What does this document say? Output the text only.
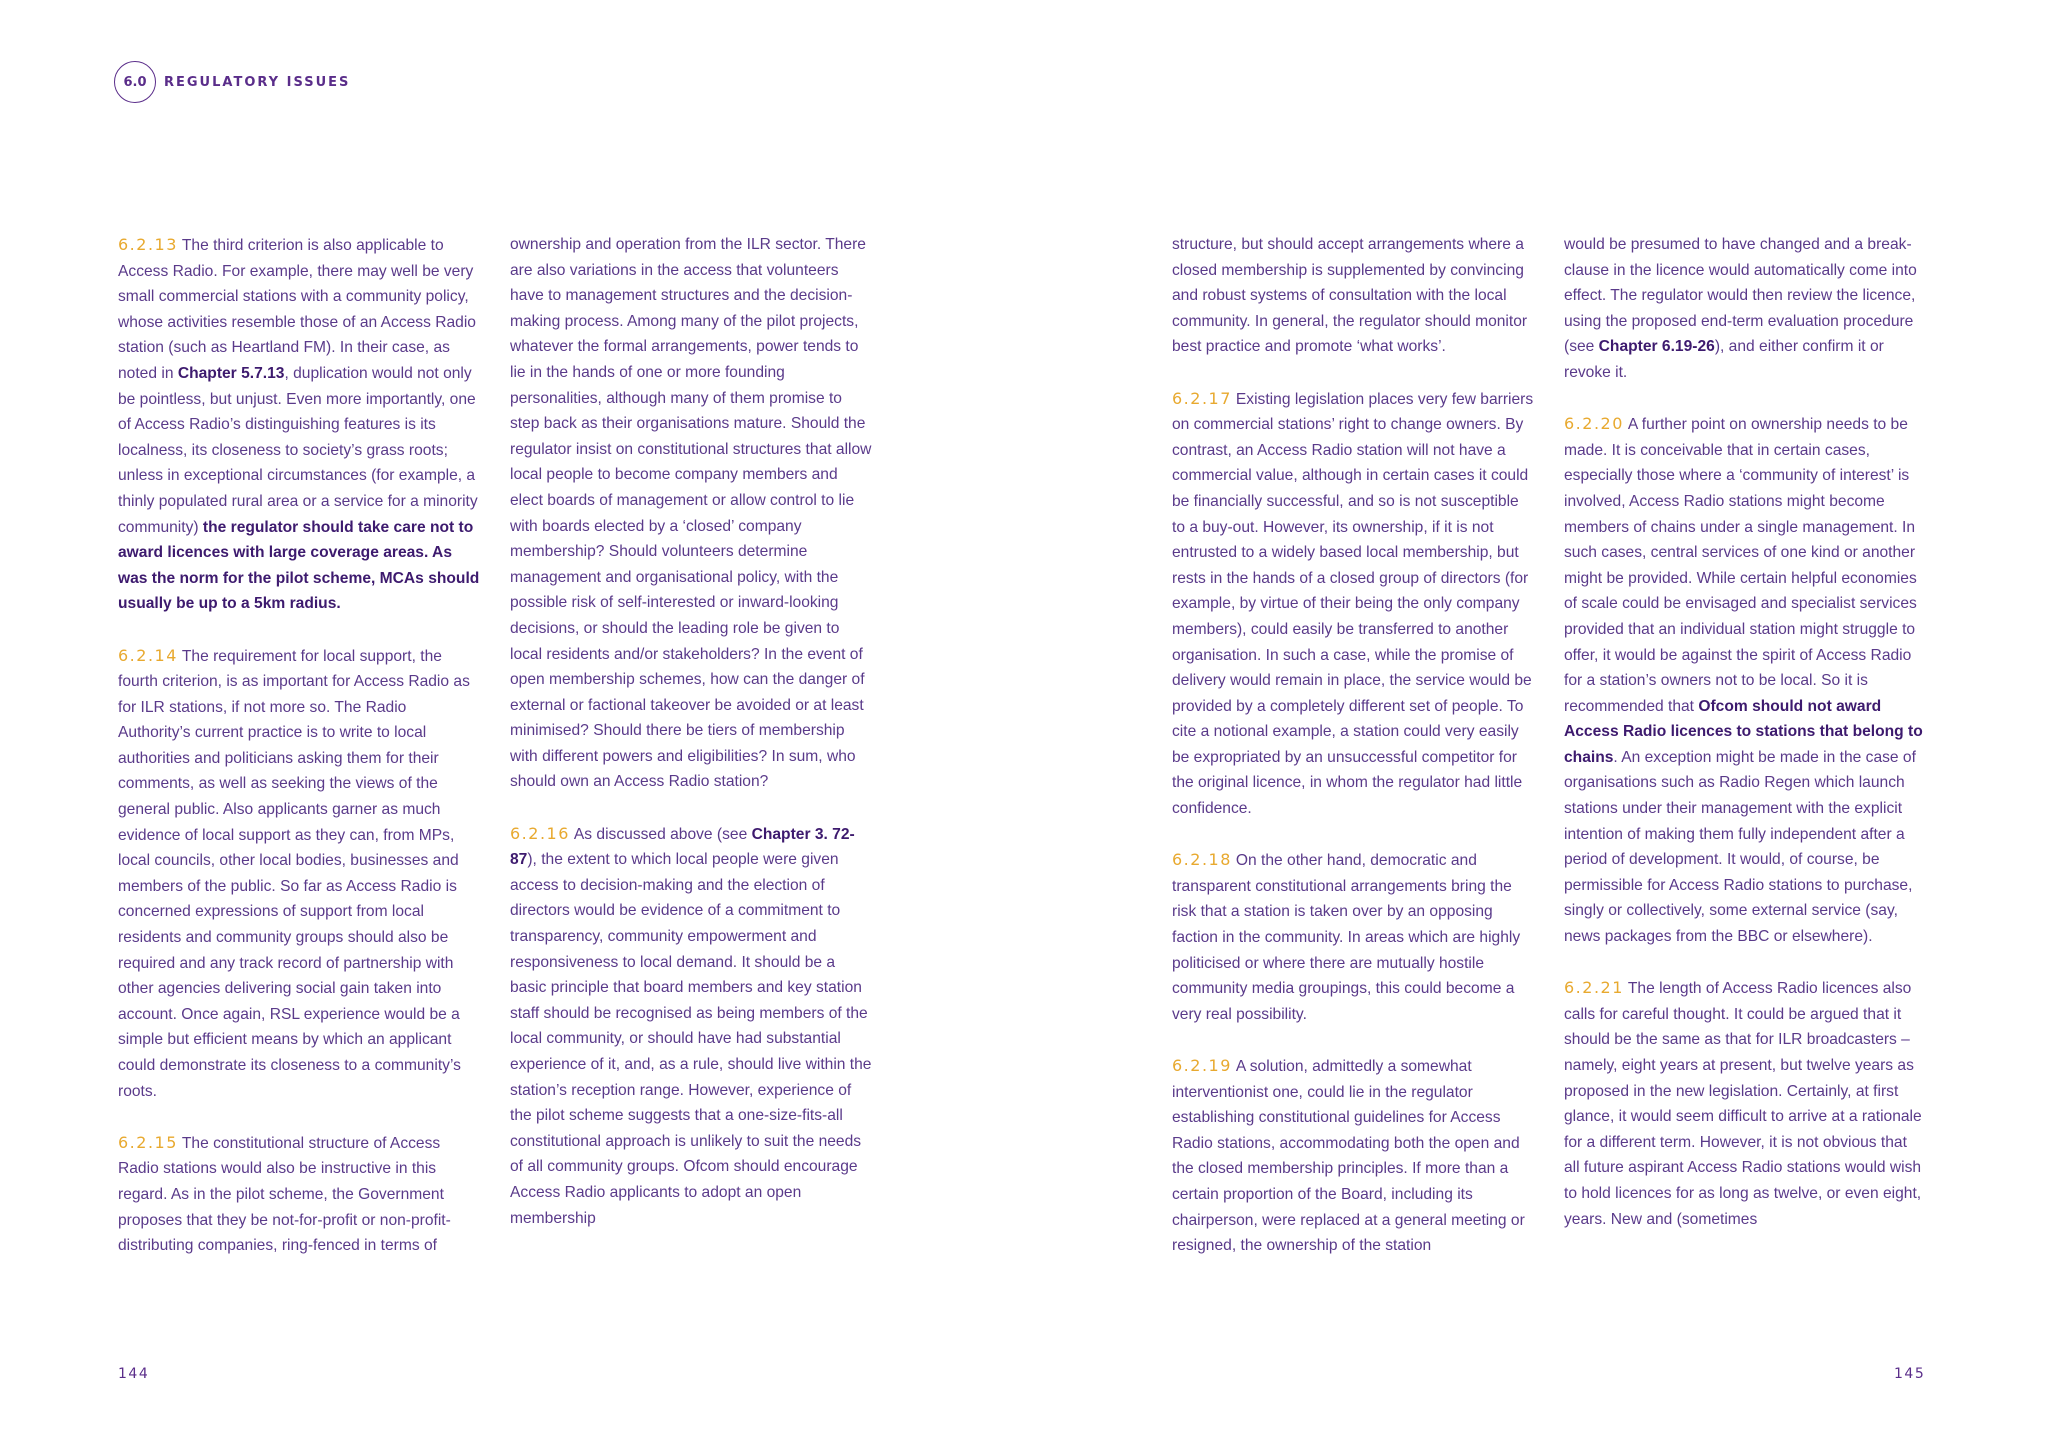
6.0	REGULATORY ISSUES

6.2.13 The third criterion is also applicable to Access Radio. For example, there may well be very small commercial stations with a community policy, whose activities resemble those of an Access Radio station (such as Heartland FM). In their case, as noted in Chapter 5.7.13, duplication would not only be pointless, but unjust. Even more importantly, one of Access Radio’s distinguishing features is its localness, its closeness to society’s grass roots; unless in exceptional circumstances (for example, a thinly populated rural area or a service for a minority community) the regulator should take care not to award licences with large coverage areas. As was the norm for the pilot scheme, MCAs should usually be up to a 5km radius.

6.2.14 The requirement for local support, the fourth criterion, is as important for Access Radio as for ILR stations, if not more so. The Radio Authority’s current practice is to write to local authorities and politicians asking them for their comments, as well as seeking the views of the general public. Also applicants garner as much evidence of local support as they can, from MPs, local councils, other local bodies, businesses and members of the public. So far as Access Radio is concerned expressions of support from local residents and community groups should also be required and any track record of partnership with other agencies delivering social gain taken into account. Once again, RSL experience would be a simple but efficient means by which an applicant could demonstrate its closeness to a community’s roots.

6.2.15 The constitutional structure of Access Radio stations would also be instructive in this regard. As in the pilot scheme, the Government proposes that they be not-for-profit or non-profit-distributing companies, ring-fenced in terms of

ownership and operation from the ILR sector. There are also variations in the access that volunteers have to management structures and the decision-making process. Among many of the pilot projects, whatever the formal arrangements, power tends to lie in the hands of one or more founding personalities, although many of them promise to step back as their organisations mature. Should the regulator insist on constitutional structures that allow local people to become company members and elect boards of management or allow control to lie with boards elected by a ‘closed’ company membership? Should volunteers determine management and organisational policy, with the possible risk of self-interested or inward-looking decisions, or should the leading role be given to local residents and/or stakeholders? In the event of open membership schemes, how can the danger of external or factional takeover be avoided or at least minimised? Should there be tiers of membership with different powers and eligibilities? In sum, who should own an Access Radio station?

6.2.16 As discussed above (see Chapter 3. 72-87), the extent to which local people were given access to decision-making and the election of directors would be evidence of a commitment to transparency, community empowerment and responsiveness to local demand. It should be a basic principle that board members and key station staff should be recognised as being members of the local community, or should have had substantial experience of it, and, as a rule, should live within the station’s reception range. However, experience of the pilot scheme suggests that a one-size-fits-all constitutional approach is unlikely to suit the needs of all community groups. Ofcom should encourage Access Radio applicants to adopt an open membership

144

structure, but should accept arrangements where a closed membership is supplemented by convincing and robust systems of consultation with the local community. In general, the regulator should monitor best practice and promote ‘what works’.

6.2.17 Existing legislation places very few barriers on commercial stations’ right to change owners. By contrast, an Access Radio station will not have a commercial value, although in certain cases it could be financially successful, and so is not susceptible to a buy-out. However, its ownership, if it is not entrusted to a widely based local membership, but rests in the hands of a closed group of directors (for example, by virtue of their being the only company members), could easily be transferred to another organisation. In such a case, while the promise of delivery would remain in place, the service would be provided by a completely different set of people. To cite a notional example, a station could very easily be expropriated by an unsuccessful competitor for the original licence, in whom the regulator had little confidence.

6.2.18 On the other hand, democratic and transparent constitutional arrangements bring the risk that a station is taken over by an opposing faction in the community. In areas which are highly politicised or where there are mutually hostile community media groupings, this could become a very real possibility.

6.2.19 A solution, admittedly a somewhat interventionist one, could lie in the regulator establishing constitutional guidelines for Access Radio stations, accommodating both the open and the closed membership principles. If more than a certain proportion of the Board, including its chairperson, were replaced at a general meeting or resigned, the ownership of the station

would be presumed to have changed and a break-clause in the licence would automatically come into effect. The regulator would then review the licence, using the proposed end-term evaluation procedure (see Chapter 6.19-26), and either confirm it or revoke it.

6.2.20 A further point on ownership needs to be made. It is conceivable that in certain cases, especially those where a ‘community of interest’ is involved, Access Radio stations might become members of chains under a single management. In such cases, central services of one kind or another might be provided. While certain helpful economies of scale could be envisaged and specialist services provided that an individual station might struggle to offer, it would be against the spirit of Access Radio for a station’s owners not to be local. So it is recommended that Ofcom should not award Access Radio licences to stations that belong to chains. An exception might be made in the case of organisations such as Radio Regen which launch stations under their management with the explicit intention of making them fully independent after a period of development. It would, of course, be permissible for Access Radio stations to purchase, singly or collectively, some external service (say, news packages from the BBC or elsewhere).

6.2.21 The length of Access Radio licences also calls for careful thought. It could be argued that it should be the same as that for ILR broadcasters – namely, eight years at present, but twelve years as proposed in the new legislation. Certainly, at first glance, it would seem difficult to arrive at a rationale for a different term. However, it is not obvious that all future aspirant Access Radio stations would wish to hold licences for as long as twelve, or even eight, years. New and (sometimes

145
